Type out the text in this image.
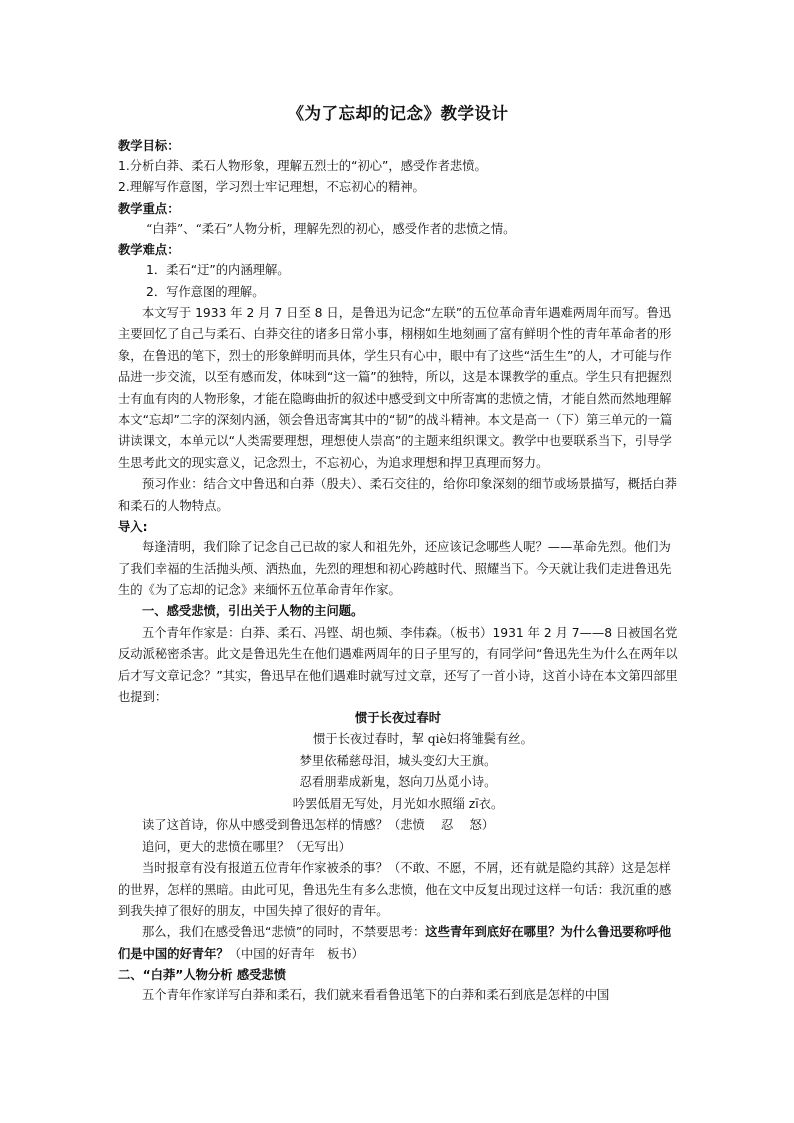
《为了忘却的记念》教学设计

教学目标：

1.分析白莽、柔石人物形象，理解五烈士的“初心”，感受作者悲愤。

2.理解写作意图，学习烈士牢记理想，不忘初心的精神。

教学重点：

“白莽”、“柔石”人物分析，理解先烈的初心，感受作者的悲愤之情。

教学难点：

1．柔石“迂”的内涵理解。

2．写作意图的理解。

本文写于 1933 年 2 月 7 日至 8 日，是鲁迅为记念“左联”的五位革命青年遇难两周年而写。鲁迅主要回忆了自己与柔石、白莽交往的诸多日常小事，栩栩如生地刻画了富有鲜明个性的青年革命者的形象，在鲁迅的笔下，烈士的形象鲜明而具体，学生只有心中，眼中有了这些“活生生”的人，才可能与作品进一步交流，以至有感而发，体味到“这一篇”的独特，所以，这是本课教学的重点。学生只有把握烈士有血有肉的人物形象，才能在隐晦曲折的叙述中感受到文中所寄寓的悲愤之情，才能自然而然地理解本文“忘却”二字的深刻内涵，领会鲁迅寄寓其中的“韧”的战斗精神。本文是高一（下）第三单元的一篇讲读课文，本单元以“人类需要理想，理想使人崇高”的主题来组织课文。教学中也要联系当下，引导学生思考此文的现实意义，记念烈士，不忘初心，为追求理想和捍卫真理而努力。

预习作业：结合文中鲁迅和白莽（殷夫）、柔石交往的，给你印象深刻的细节或场景描写，概括白莽和柔石的人物特点。

导入:

每逢清明，我们除了记念自己已故的家人和祖先外，还应该记念哪些人呢？——革命先烈。他们为了我们幸福的生活抛头颅、洒热血，先烈的理想和初心跨越时代、照耀当下。今天就让我们走进鲁迅先生的《为了忘却的记念》来缅怀五位革命青年作家。

一、感受悲愤，引出关于人物的主问题。

五个青年作家是：白莽、柔石、冯铿、胡也频、李伟森。（板书）1931 年 2 月 7——8 日被国名党反动派秘密杀害。此文是鲁迅先生在他们遇难两周年的日子里写的，有同学问“鲁迅先生为什么在两年以后才写文章记念？”其实，鲁迅早在他们遇难时就写过文章，还写了一首小诗，这首小诗在本文第四部里也提到：

惯于长夜过春时

惯于长夜过春时，挈 qiè妇将雏鬓有丝。

梦里依稀慈母泪，城头变幻大王旗。

忍看朋辈成新鬼，怒向刀丛觅小诗。

吟罢低眉无写处，月光如水照缁 zī衣。

读了这首诗，你从中感受到鲁迅怎样的情感？（悲愤　 忍　 怒）

追问，更大的悲愤在哪里？（无写出）

当时报章有没有报道五位青年作家被杀的事？（不敢、不愿，不屑，还有就是隐约其辞）这是怎样的世界，怎样的黑暗。由此可见，鲁迅先生有多么悲愤，他在文中反复出现过这样一句话：我沉重的感到我失掉了很好的朋友，中国失掉了很好的青年。

那么，我们在感受鲁迅“悲愤”的同时，不禁要思考：这些青年到底好在哪里？为什么鲁迅要称呼他们是中国的好青年？（中国的好青年　板书）

二、“白莽”人物分析 感受悲愤

五个青年作家详写白莽和柔石，我们就来看看鲁迅笔下的白莽和柔石到底是怎样的中国
